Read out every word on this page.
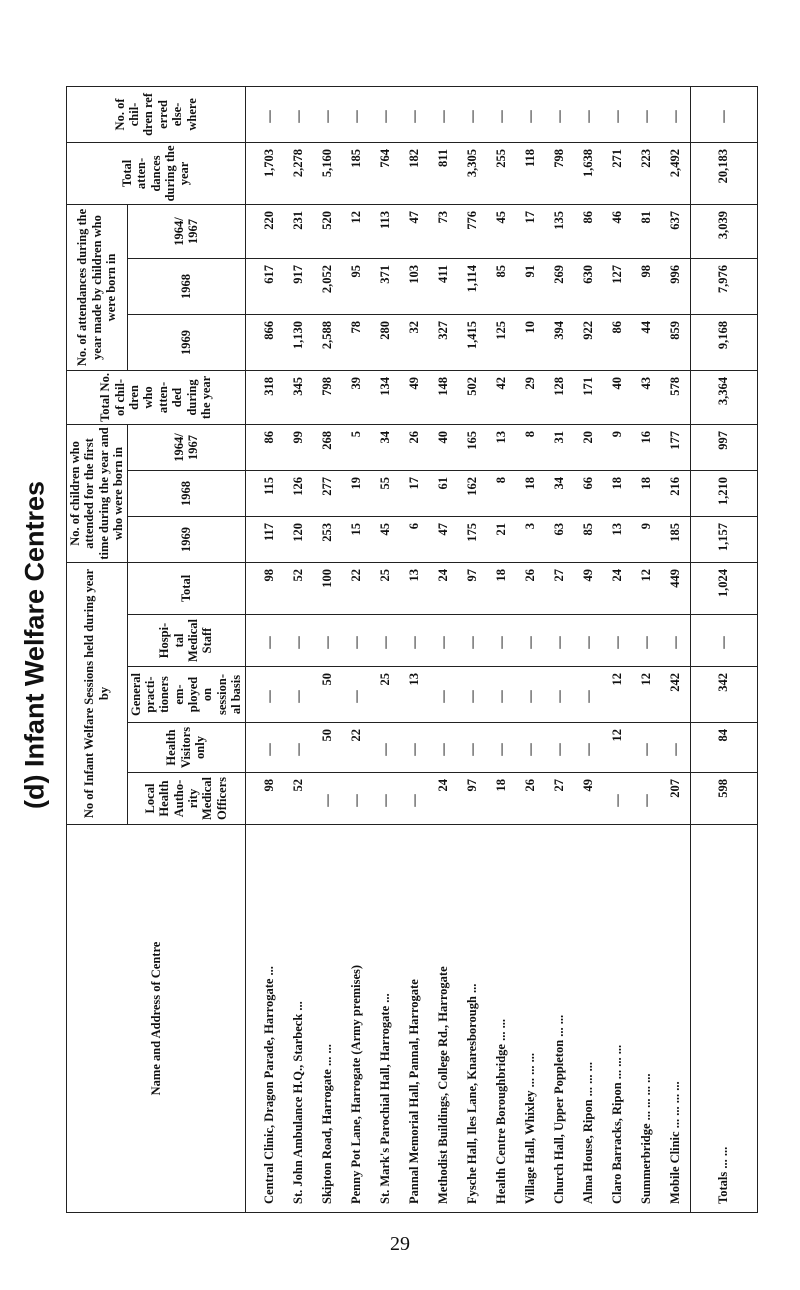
(d) Infant Welfare Centres
Name and Address of Centre	No of Infant Welfare Sessions held during year by					No. of children who attended for the first time during the year and who were born in			Total No. of chil- dren who atten- ded during the year	No. of attendances during the year made by children who were born in			Total atten- dances during the year	No. of chil- dren ref erred else- where
	Local Health Autho- rity Medical Officers	Health Visitors only	General practi- tioners em- ployed on session- al basis	Hospi- tal Medical Staff	Total	1969	1968	1964/ 1967		1969	1968	1964/ 1967		
Central Clinic, Dragon Parade, Harrogate ...	98	—	—	—	98	117	115	86	318	866	617	220	1,703	—
St. John Ambulance H.Q., Starbeck ...	52	—	—	—	52	120	126	99	345	1,130	917	231	2,278	—
Skipton Road, Harrogate ... ...	—	50	50	—	100	253	277	268	798	2,588	2,052	520	5,160	—
Penny Pot Lane, Harrogate (Army premises)	—	22	—	—	22	15	19	5	39	78	95	12	185	—
St. Mark's Parochial Hall, Harrogate ...	—	—	25	—	25	45	55	34	134	280	371	113	764	—
Pannal Memorial Hall, Pannal, Harrogate	—	—	13	—	13	6	17	26	49	32	103	47	182	—
Methodist Buildings, College Rd., Harrogate	24	—	—	—	24	47	61	40	148	327	411	73	811	—
Fysche Hall, Iles Lane, Knaresborough ...	97	—	—	—	97	175	162	165	502	1,415	1,114	776	3,305	—
Health Centre Boroughbridge ... ...	18	—	—	—	18	21	8	13	42	125	85	45	255	—
Village Hall, Whixley ... ... ...	26	—	—	—	26	3	18	8	29	10	91	17	118	—
Church Hall, Upper Poppleton ... ...	27	—	—	—	27	63	34	31	128	394	269	135	798	—
Alma House, Ripon ... ... ...	49	—	—	—	49	85	66	20	171	922	630	86	1,638	—
Claro Barracks, Ripon ... ... ...	—	12	12	—	24	13	18	9	40	86	127	46	271	—
Summerbridge ... ... ... ...	—	—	12	—	12	9	18	16	43	44	98	81	223	—
Mobile Clinic ... ... ... ...	207	—	242	—	449	185	216	177	578	859	996	637	2,492	—
Totals ... ...	598	84	342	—	1,024	1,157	1,210	997	3,364	9,168	7,976	3,039	20,183	—
29
